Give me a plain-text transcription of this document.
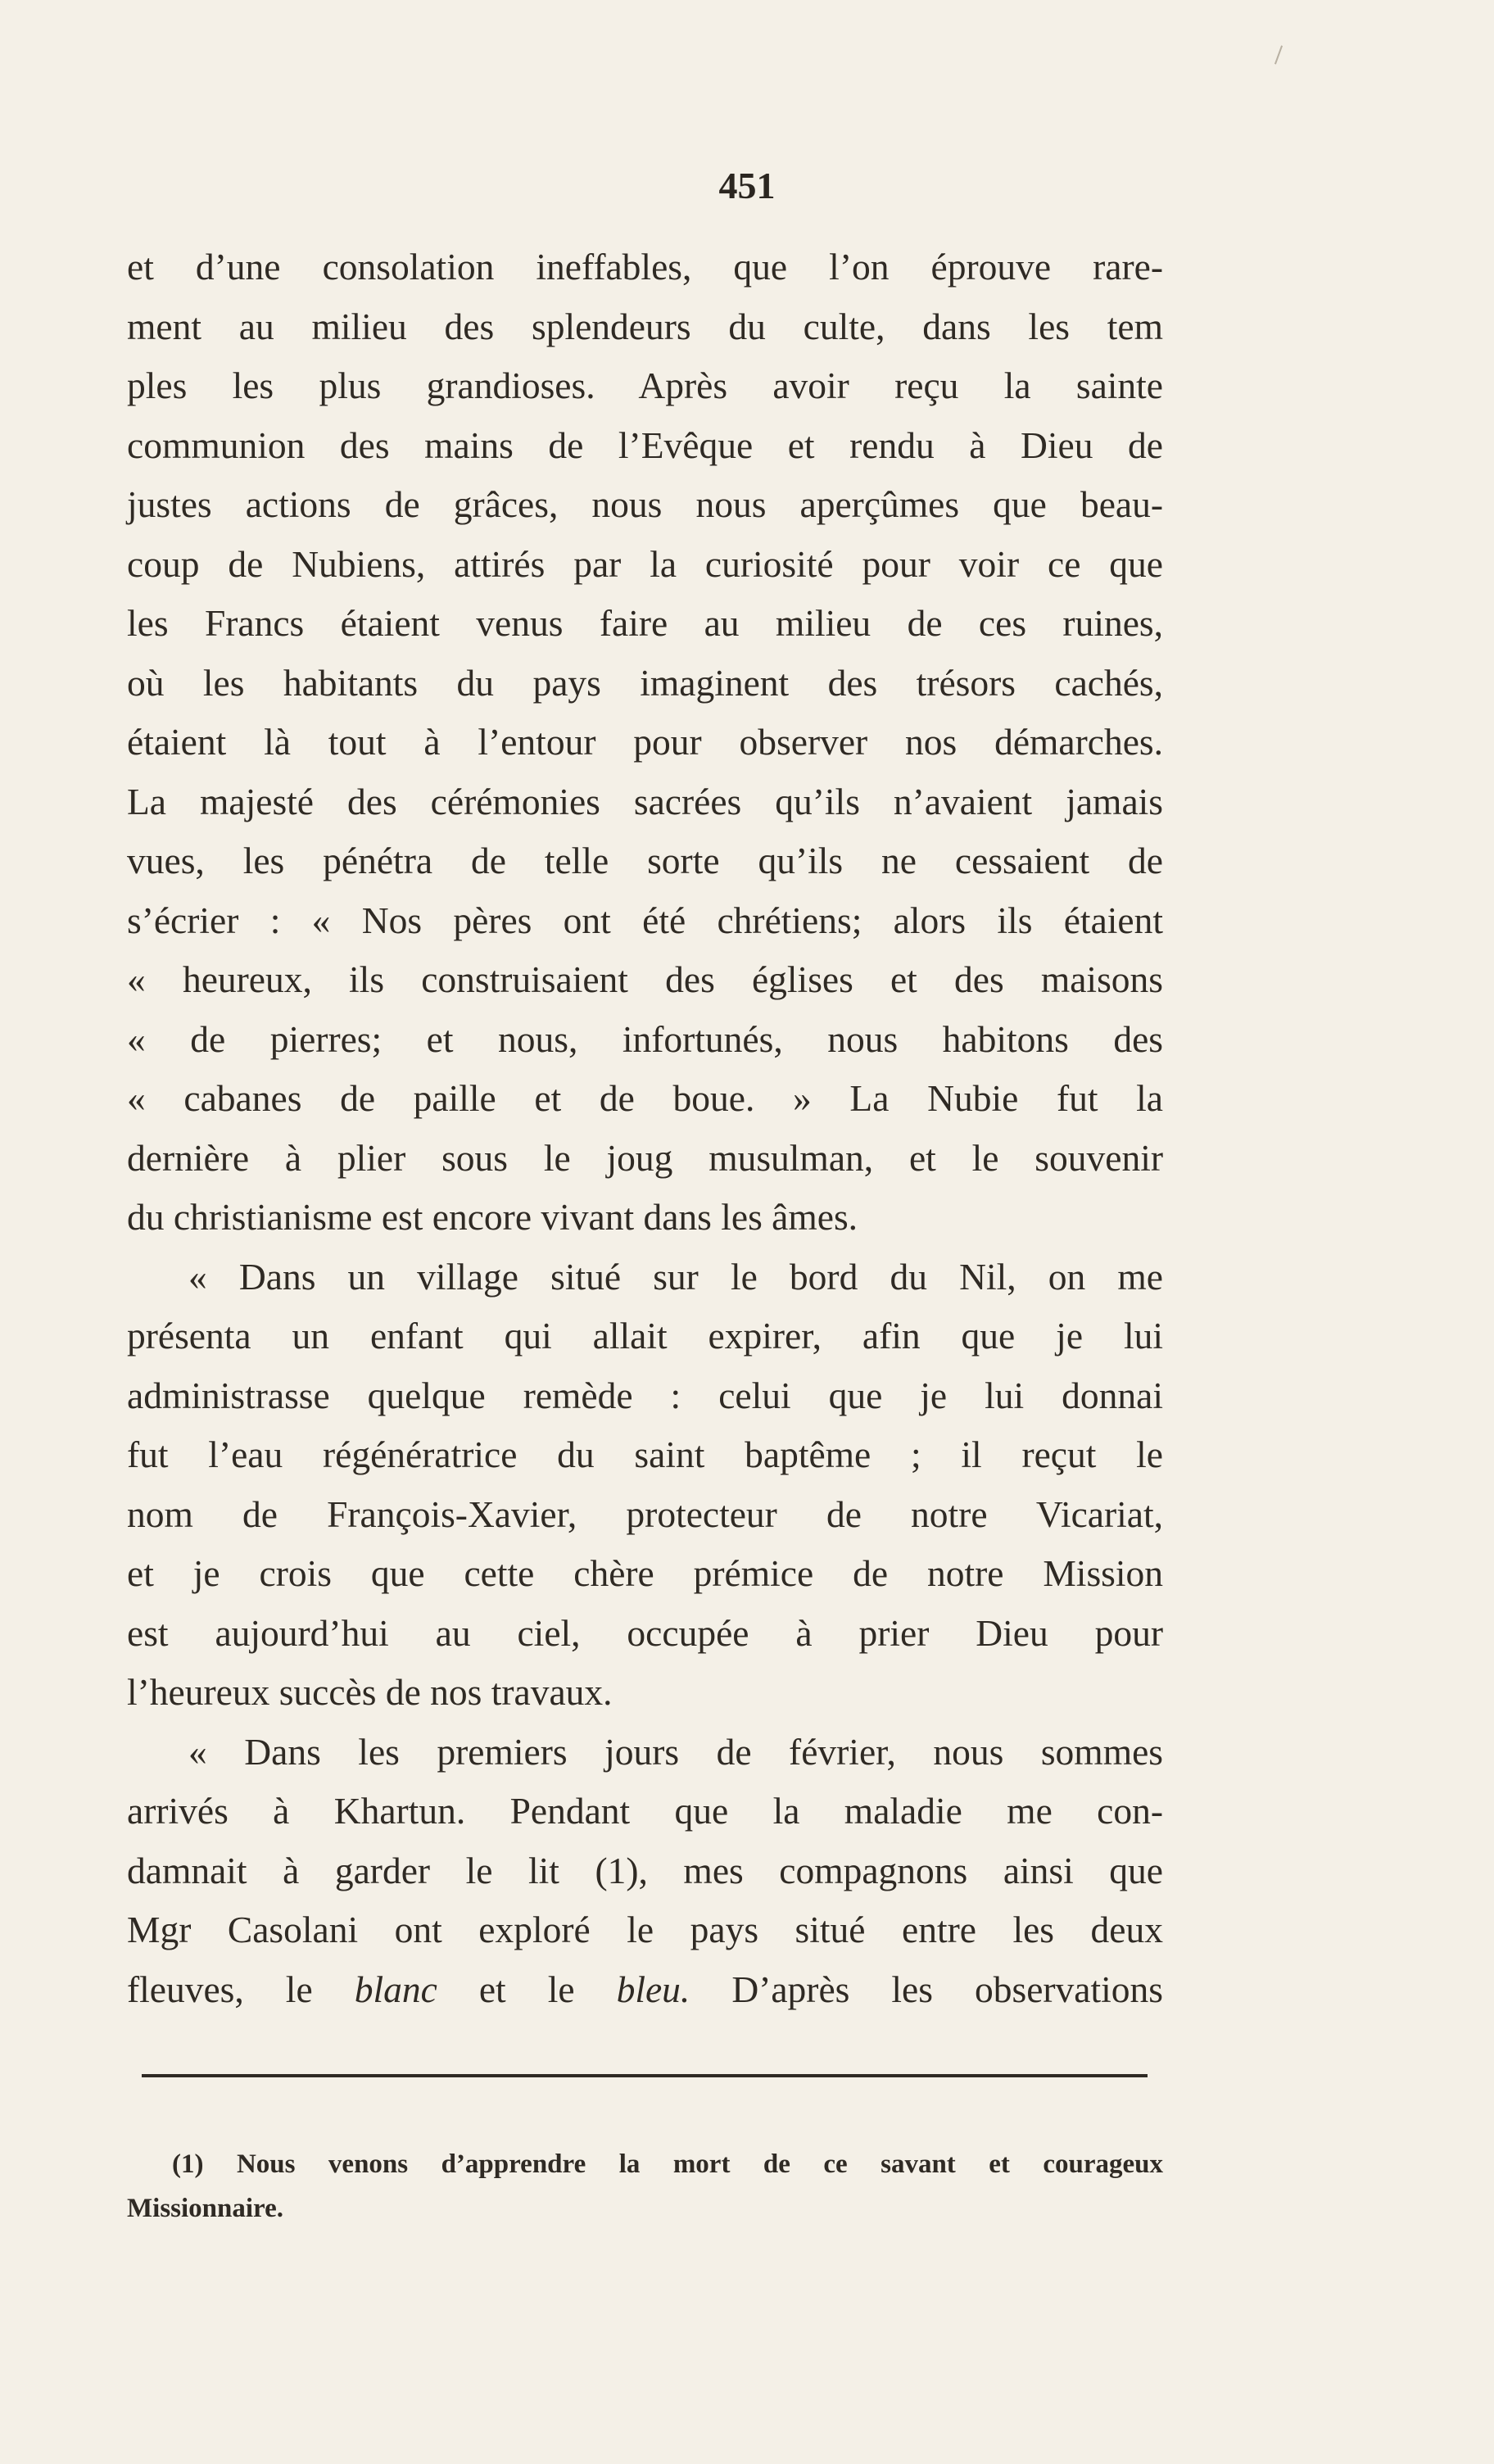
451
et d’une consolation ineffables, que l’on éprouve rare-
ment au milieu des splendeurs du culte, dans les tem
ples les plus grandioses. Après avoir reçu la sainte
communion des mains de l’Evêque et rendu à Dieu de
justes actions de grâces, nous nous aperçûmes que beau-
coup de Nubiens, attirés par la curiosité pour voir ce que
les Francs étaient venus faire au milieu de ces ruines,
où les habitants du pays imaginent des trésors cachés,
étaient là tout à l’entour pour observer nos démarches.
La majesté des cérémonies sacrées qu’ils n’avaient jamais
vues, les pénétra de telle sorte qu’ils ne cessaient de
s’écrier : « Nos pères ont été chrétiens; alors ils étaient
« heureux, ils construisaient des églises et des maisons
« de pierres; et nous, infortunés, nous habitons des
« cabanes de paille et de boue. » La Nubie fut la
dernière à plier sous le joug musulman, et le souvenir
du christianisme est encore vivant dans les âmes.
« Dans un village situé sur le bord du Nil, on me
présenta un enfant qui allait expirer, afin que je lui
administrasse quelque remède : celui que je lui donnai
fut l’eau régénératrice du saint baptême ; il reçut le
nom de François-Xavier, protecteur de notre Vicariat,
et je crois que cette chère prémice de notre Mission
est aujourd’hui au ciel, occupée à prier Dieu pour
l’heureux succès de nos travaux.
« Dans les premiers jours de février, nous sommes
arrivés à Khartun. Pendant que la maladie me con-
damnait à garder le lit (1), mes compagnons ainsi que
Mgr Casolani ont exploré le pays situé entre les deux
fleuves, le blanc et le bleu. D’après les observations
(1) Nous venons d’apprendre la mort de ce savant et courageux
Missionnaire.
